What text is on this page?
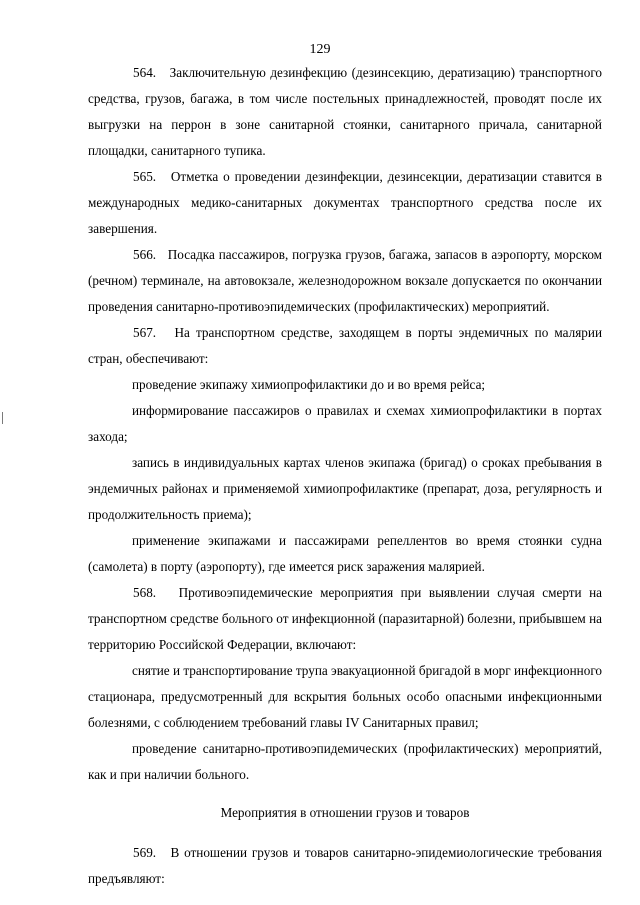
129

564. Заключительную дезинфекцию (дезинсекцию, дератизацию) транспортного средства, грузов, багажа, в том числе постельных принадлежностей, проводят после их выгрузки на перрон в зоне санитарной стоянки, санитарного причала, санитарной площадки, санитарного тупика.

565. Отметка о проведении дезинфекции, дезинсекции, дератизации ставится в международных медико-санитарных документах транспортного средства после их завершения.

566. Посадка пассажиров, погрузка грузов, багажа, запасов в аэропорту, морском (речном) терминале, на автовокзале, железнодорожном вокзале допускается по окончании проведения санитарно-противоэпидемических (профилактических) мероприятий.

567. На транспортном средстве, заходящем в порты эндемичных по малярии стран, обеспечивают:

проведение экипажу химиопрофилактики до и во время рейса;

информирование пассажиров о правилах и схемах химиопрофилактики в портах захода;

запись в индивидуальных картах членов экипажа (бригад) о сроках пребывания в эндемичных районах и применяемой химиопрофилактике (препарат, доза, регулярность и продолжительность приема);

применение экипажами и пассажирами репеллентов во время стоянки судна (самолета) в порту (аэропорту), где имеется риск заражения малярией.

568. Противоэпидемические мероприятия при выявлении случая смерти на транспортном средстве больного от инфекционной (паразитарной) болезни, прибывшем на территорию Российской Федерации, включают:

снятие и транспортирование трупа эвакуационной бригадой в морг инфекционного стационара, предусмотренный для вскрытия больных особо опасными инфекционными болезнями, с соблюдением требований главы IV Санитарных правил;

проведение санитарно-противоэпидемических (профилактических) мероприятий, как и при наличии больного.

Мероприятия в отношении грузов и товаров

569. В отношении грузов и товаров санитарно-эпидемиологические требования предъявляют:
